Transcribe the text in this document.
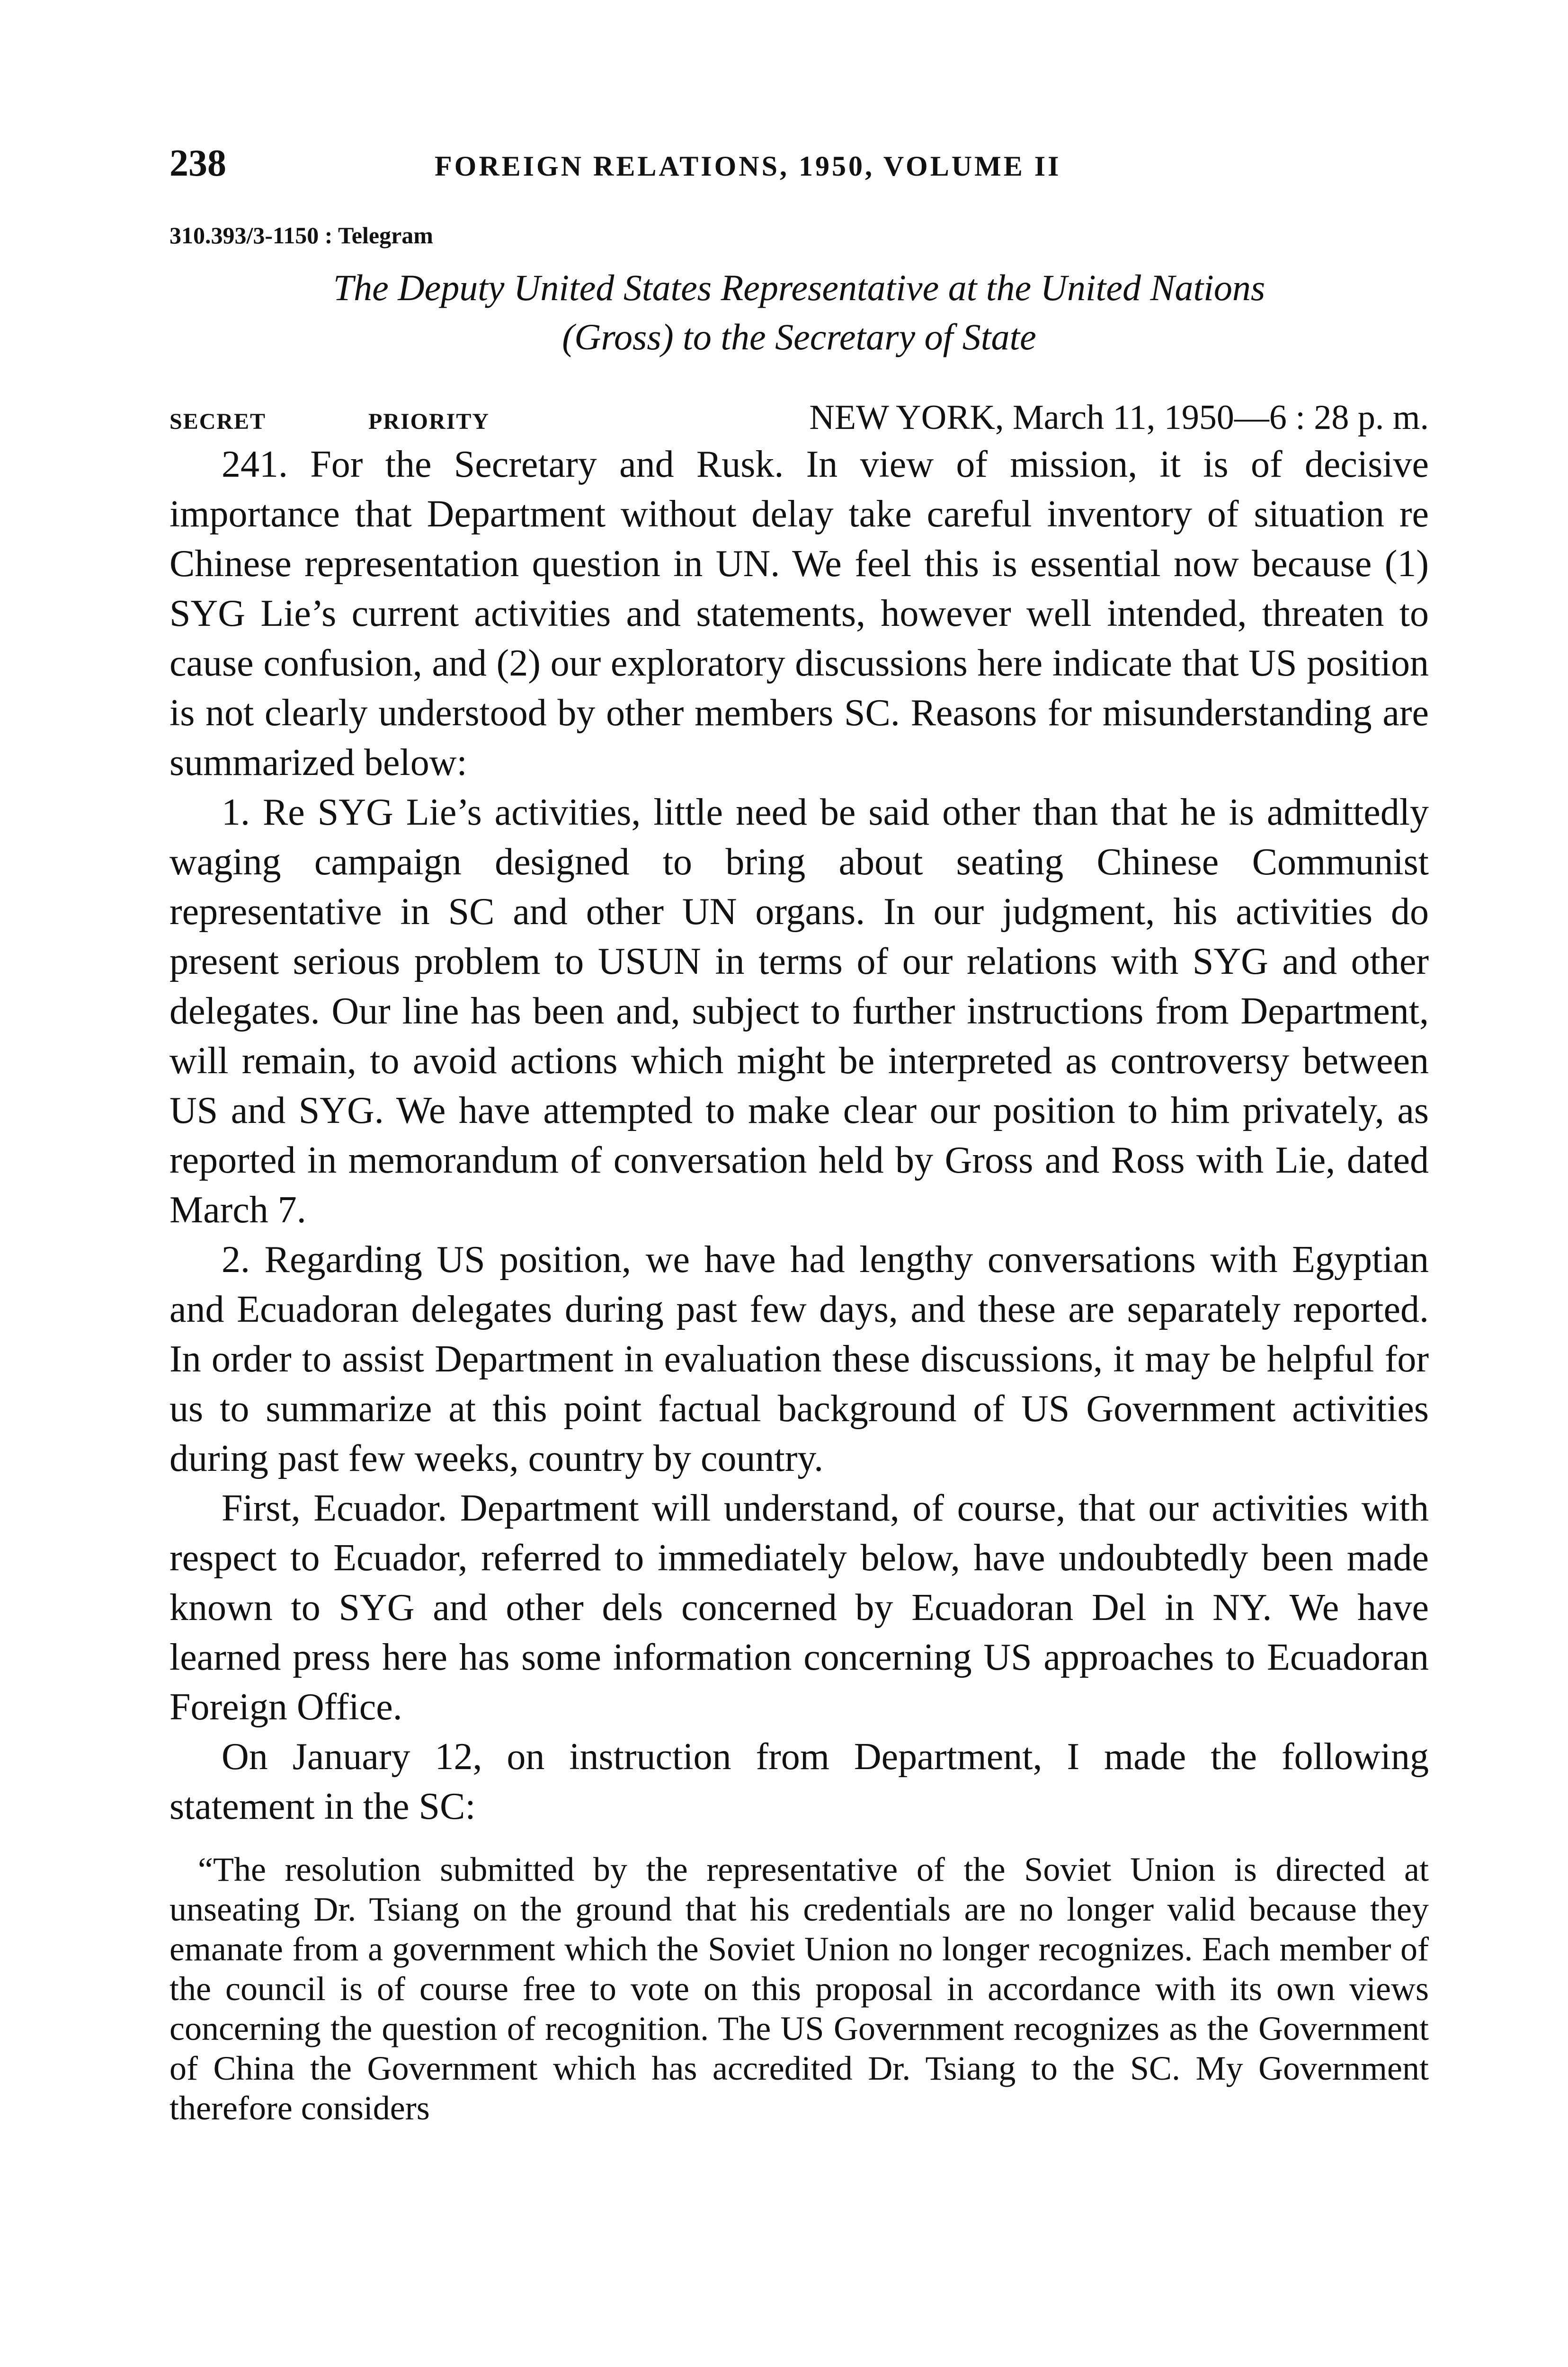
238	FOREIGN RELATIONS, 1950, VOLUME II
310.393/3-1150 : Telegram
The Deputy United States Representative at the United Nations
(Gross) to the Secretary of State
SECRET	PRIORITY	NEW YORK, March 11, 1950—6 : 28 p. m.

241. For the Secretary and Rusk. In view of mission, it is of decisive importance that Department without delay take careful inventory of situation re Chinese representation question in UN. We feel this is essential now because (1) SYG Lie’s current activities and statements, however well intended, threaten to cause confusion, and (2) our exploratory discussions here indicate that US position is not clearly understood by other members SC. Reasons for misunderstanding are summarized below:

1. Re SYG Lie’s activities, little need be said other than that he is admittedly waging campaign designed to bring about seating Chinese Communist representative in SC and other UN organs. In our judgment, his activities do present serious problem to USUN in terms of our relations with SYG and other delegates. Our line has been and, subject to further instructions from Department, will remain, to avoid actions which might be interpreted as controversy between US and SYG. We have attempted to make clear our position to him privately, as reported in memorandum of conversation held by Gross and Ross with Lie, dated March 7.

2. Regarding US position, we have had lengthy conversations with Egyptian and Ecuadoran delegates during past few days, and these are separately reported. In order to assist Department in evaluation these discussions, it may be helpful for us to summarize at this point factual background of US Government activities during past few weeks, country by country.

First, Ecuador. Department will understand, of course, that our activities with respect to Ecuador, referred to immediately below, have undoubtedly been made known to SYG and other dels concerned by Ecuadoran Del in NY. We have learned press here has some information concerning US approaches to Ecuadoran Foreign Office.

On January 12, on instruction from Department, I made the following statement in the SC:

“The resolution submitted by the representative of the Soviet Union is directed at unseating Dr. Tsiang on the ground that his credentials are no longer valid because they emanate from a government which the Soviet Union no longer recognizes. Each member of the council is of course free to vote on this proposal in accordance with its own views concerning the question of recognition. The US Government recognizes as the Government of China the Government which has accredited Dr. Tsiang to the SC. My Government therefore considers
